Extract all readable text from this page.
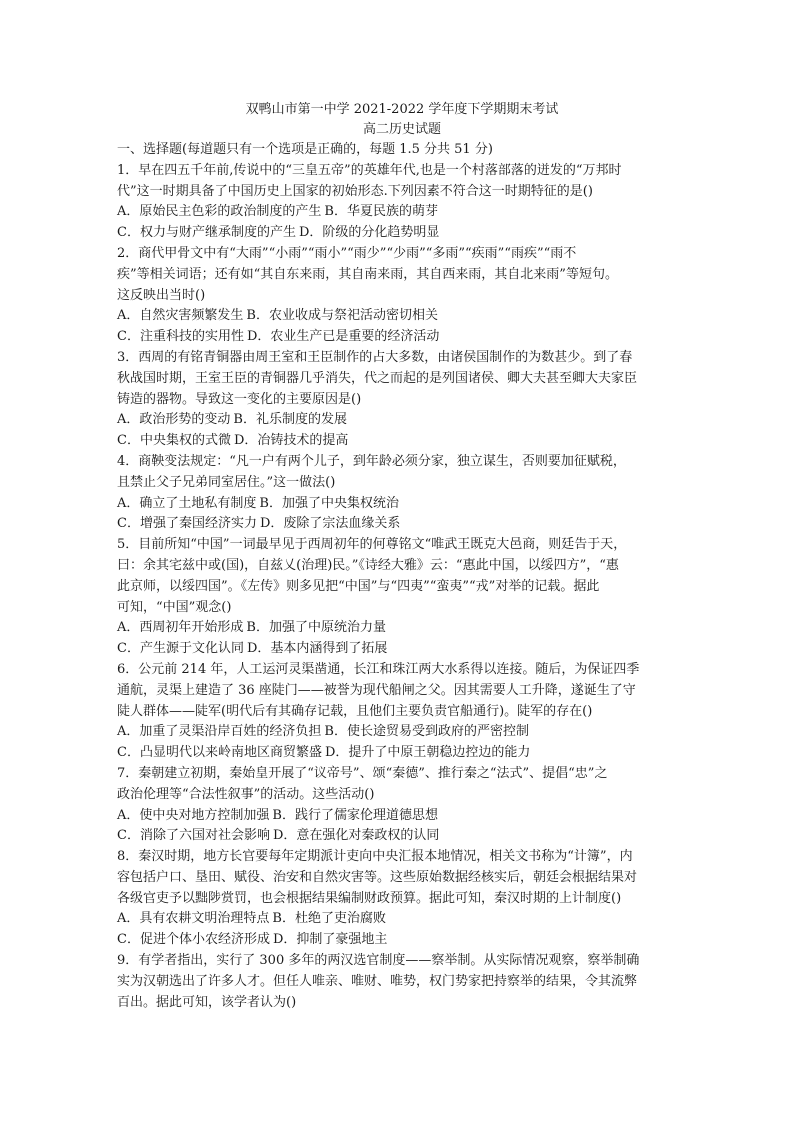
双鸭山市第一中学 2021-2022 学年度下学期期末考试

高二历史试题

一、选择题(每道题只有一个选项是正确的，每题 1.5 分共 51 分)

1．早在四五千年前,传说中的“三皇五帝”的英雄年代,也是一个村落部落的迸发的“万邦时

代”这一时期具备了中国历史上国家的初始形态.下列因素不符合这一时期特征的是()

A．原始民主色彩的政治制度的产生 B．华夏民族的萌芽

C．权力与财产继承制度的产生 D．阶级的分化趋势明显

2．商代甲骨文中有“大雨”“小雨”“雨小”“雨少”“少雨”“多雨”“疾雨”“雨疾”“雨不

疾”等相关词语；还有如“其自东来雨，其自南来雨，其自西来雨，其自北来雨”等短句。

这反映出当时()

A．自然灾害频繁发生 B．农业收成与祭祀活动密切相关

C．注重科技的实用性 D．农业生产已是重要的经济活动

3．西周的有铭青铜器由周王室和王臣制作的占大多数，由诸侯国制作的为数甚少。到了春

秋战国时期，王室王臣的青铜器几乎消失，代之而起的是列国诸侯、卿大夫甚至卿大夫家臣

铸造的器物。导致这一变化的主要原因是()

A．政治形势的变动 B．礼乐制度的发展

C．中央集权的式微 D．冶铸技术的提高

4．商鞅变法规定：“凡一户有两个儿子，到年龄必须分家，独立谋生，否则要加征赋税，

且禁止父子兄弟同室居住。”这一做法()

A．确立了土地私有制度 B．加强了中央集权统治

C．增强了秦国经济实力 D．废除了宗法血缘关系

5．目前所知“中国”一词最早见于西周初年的何尊铭文“唯武王既克大邑商，则廷告于天，

曰：余其宅兹中或(国)，自兹乂(治理)民。”《诗经大雅》云：“惠此中国，以绥四方”，“惠

此京师，以绥四国”。《左传》则多见把“中国”与“四夷”“蛮夷”“戎”对举的记载。据此

可知，“中国”观念()

A．西周初年开始形成 B．加强了中原统治力量

C．产生源于文化认同 D．基本内涵得到了拓展

6．公元前 214 年，人工运河灵渠凿通，长江和珠江两大水系得以连接。随后，为保证四季

通航，灵渠上建造了 36 座陡门——被誉为现代船闸之父。因其需要人工升降，遂诞生了守

陡人群体——陡军(明代后有其确存记载，且他们主要负责官船通行)。陡军的存在()

A．加重了灵渠沿岸百姓的经济负担 B．使长途贸易受到政府的严密控制

C．凸显明代以来岭南地区商贸繁盛 D．提升了中原王朝稳边控边的能力

7．秦朝建立初期，秦始皇开展了“议帝号”、颂“秦德”、推行秦之“法式”、提倡“忠”之

政治伦理等“合法性叙事”的活动。这些活动()

A．使中央对地方控制加强 B．践行了儒家伦理道德思想

C．消除了六国对社会影响 D．意在强化对秦政权的认同

8．秦汉时期，地方长官要每年定期派计吏向中央汇报本地情况，相关文书称为“计簿”，内

容包括户口、垦田、赋役、治安和自然灾害等。这些原始数据经核实后，朝廷会根据结果对

各级官吏予以黜陟赏罚，也会根据结果编制财政预算。据此可知，秦汉时期的上计制度()

A．具有农耕文明治理特点 B．杜绝了吏治腐败

C．促进个体小农经济形成 D．抑制了豪强地主

9．有学者指出，实行了 300 多年的两汉选官制度——察举制。从实际情况观察，察举制确

实为汉朝选出了许多人才。但任人唯亲、唯财、唯势，权门势家把持察举的结果，令其流弊

百出。据此可知，该学者认为()
